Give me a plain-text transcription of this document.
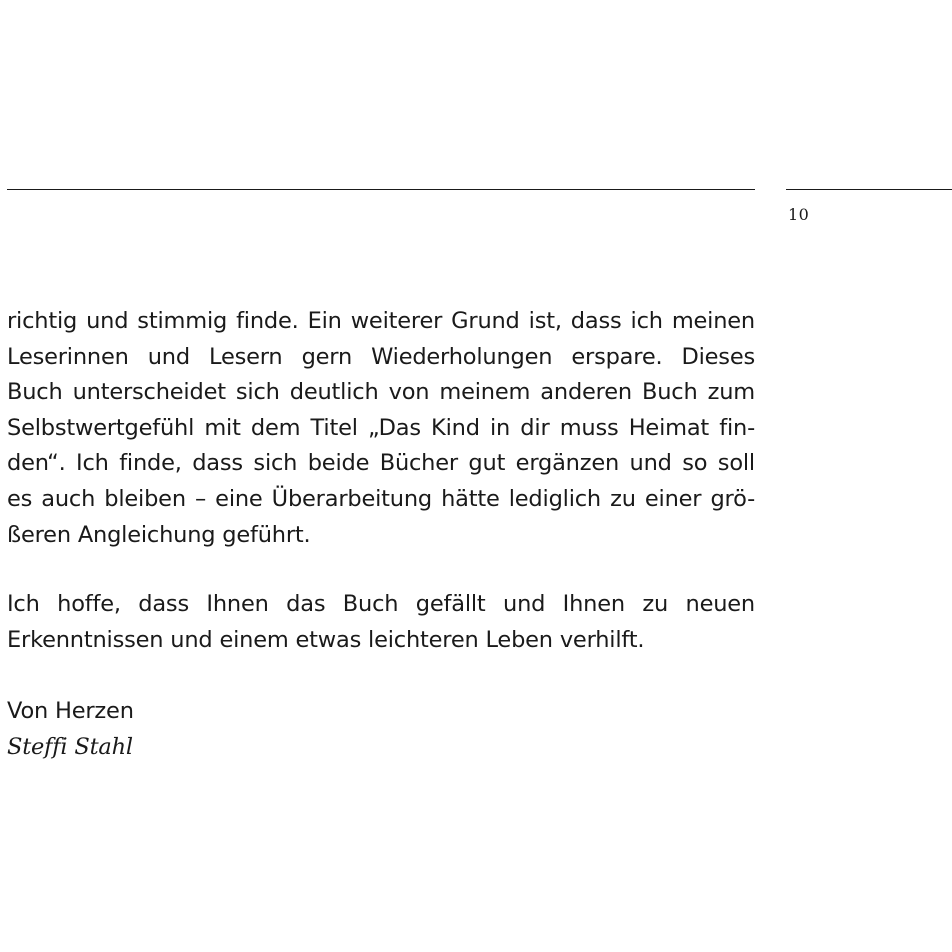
10
richtig und stimmig finde. Ein weiterer Grund ist, dass ich meinen
Leserinnen und Lesern gern Wiederholungen erspare. Dieses
Buch unterscheidet sich deutlich von meinem anderen Buch zum
Selbstwertgefühl mit dem Titel „Das Kind in dir muss Heimat fin-
den“. Ich finde, dass sich beide Bücher gut ergänzen und so soll
es auch bleiben – eine Überarbeitung hätte lediglich zu einer grö-
ßeren Angleichung geführt.
Ich hoffe, dass Ihnen das Buch gefällt und Ihnen zu neuen
Erkenntnissen und einem etwas leichteren Leben verhilft.
Von Herzen
Steffi Stahl
